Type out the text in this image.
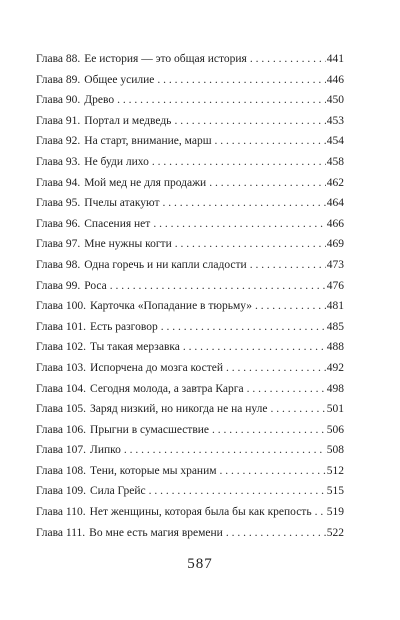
Глава 88. Ее история — это общая история . . .	441
Глава 89. Общее усилие . . .	446
Глава 90. Древо . . .	450
Глава 91. Портал и медведь . . .	453
Глава 92. На старт, внимание, марш . . .	454
Глава 93. Не буди лихо . . .	458
Глава 94. Мой мед не для продажи . . .	462
Глава 95. Пчелы атакуют . . .	464
Глава 96. Спасения нет . . .	466
Глава 97. Мне нужны когти . . .	469
Глава 98. Одна горечь и ни капли сладости . . .	473
Глава 99. Роса . . .	476
Глава 100. Карточка «Попадание в тюрьму» . . .	481
Глава 101. Есть разговор . . .	485
Глава 102. Ты такая мерзавка . . .	488
Глава 103. Испорчена до мозга костей . . .	492
Глава 104. Сегодня молода, а завтра Карга . . .	498
Глава 105. Заряд низкий, но никогда не на нуле . . .	501
Глава 106. Прыгни в сумасшествие . . .	506
Глава 107. Липко . . .	508
Глава 108. Тени, которые мы храним . . .	512
Глава 109. Сила Грейс . . .	515
Глава 110. Нет женщины, которая была бы как крепость . . . 519
Глава 111. Во мне есть магия времени . . .	522
587
